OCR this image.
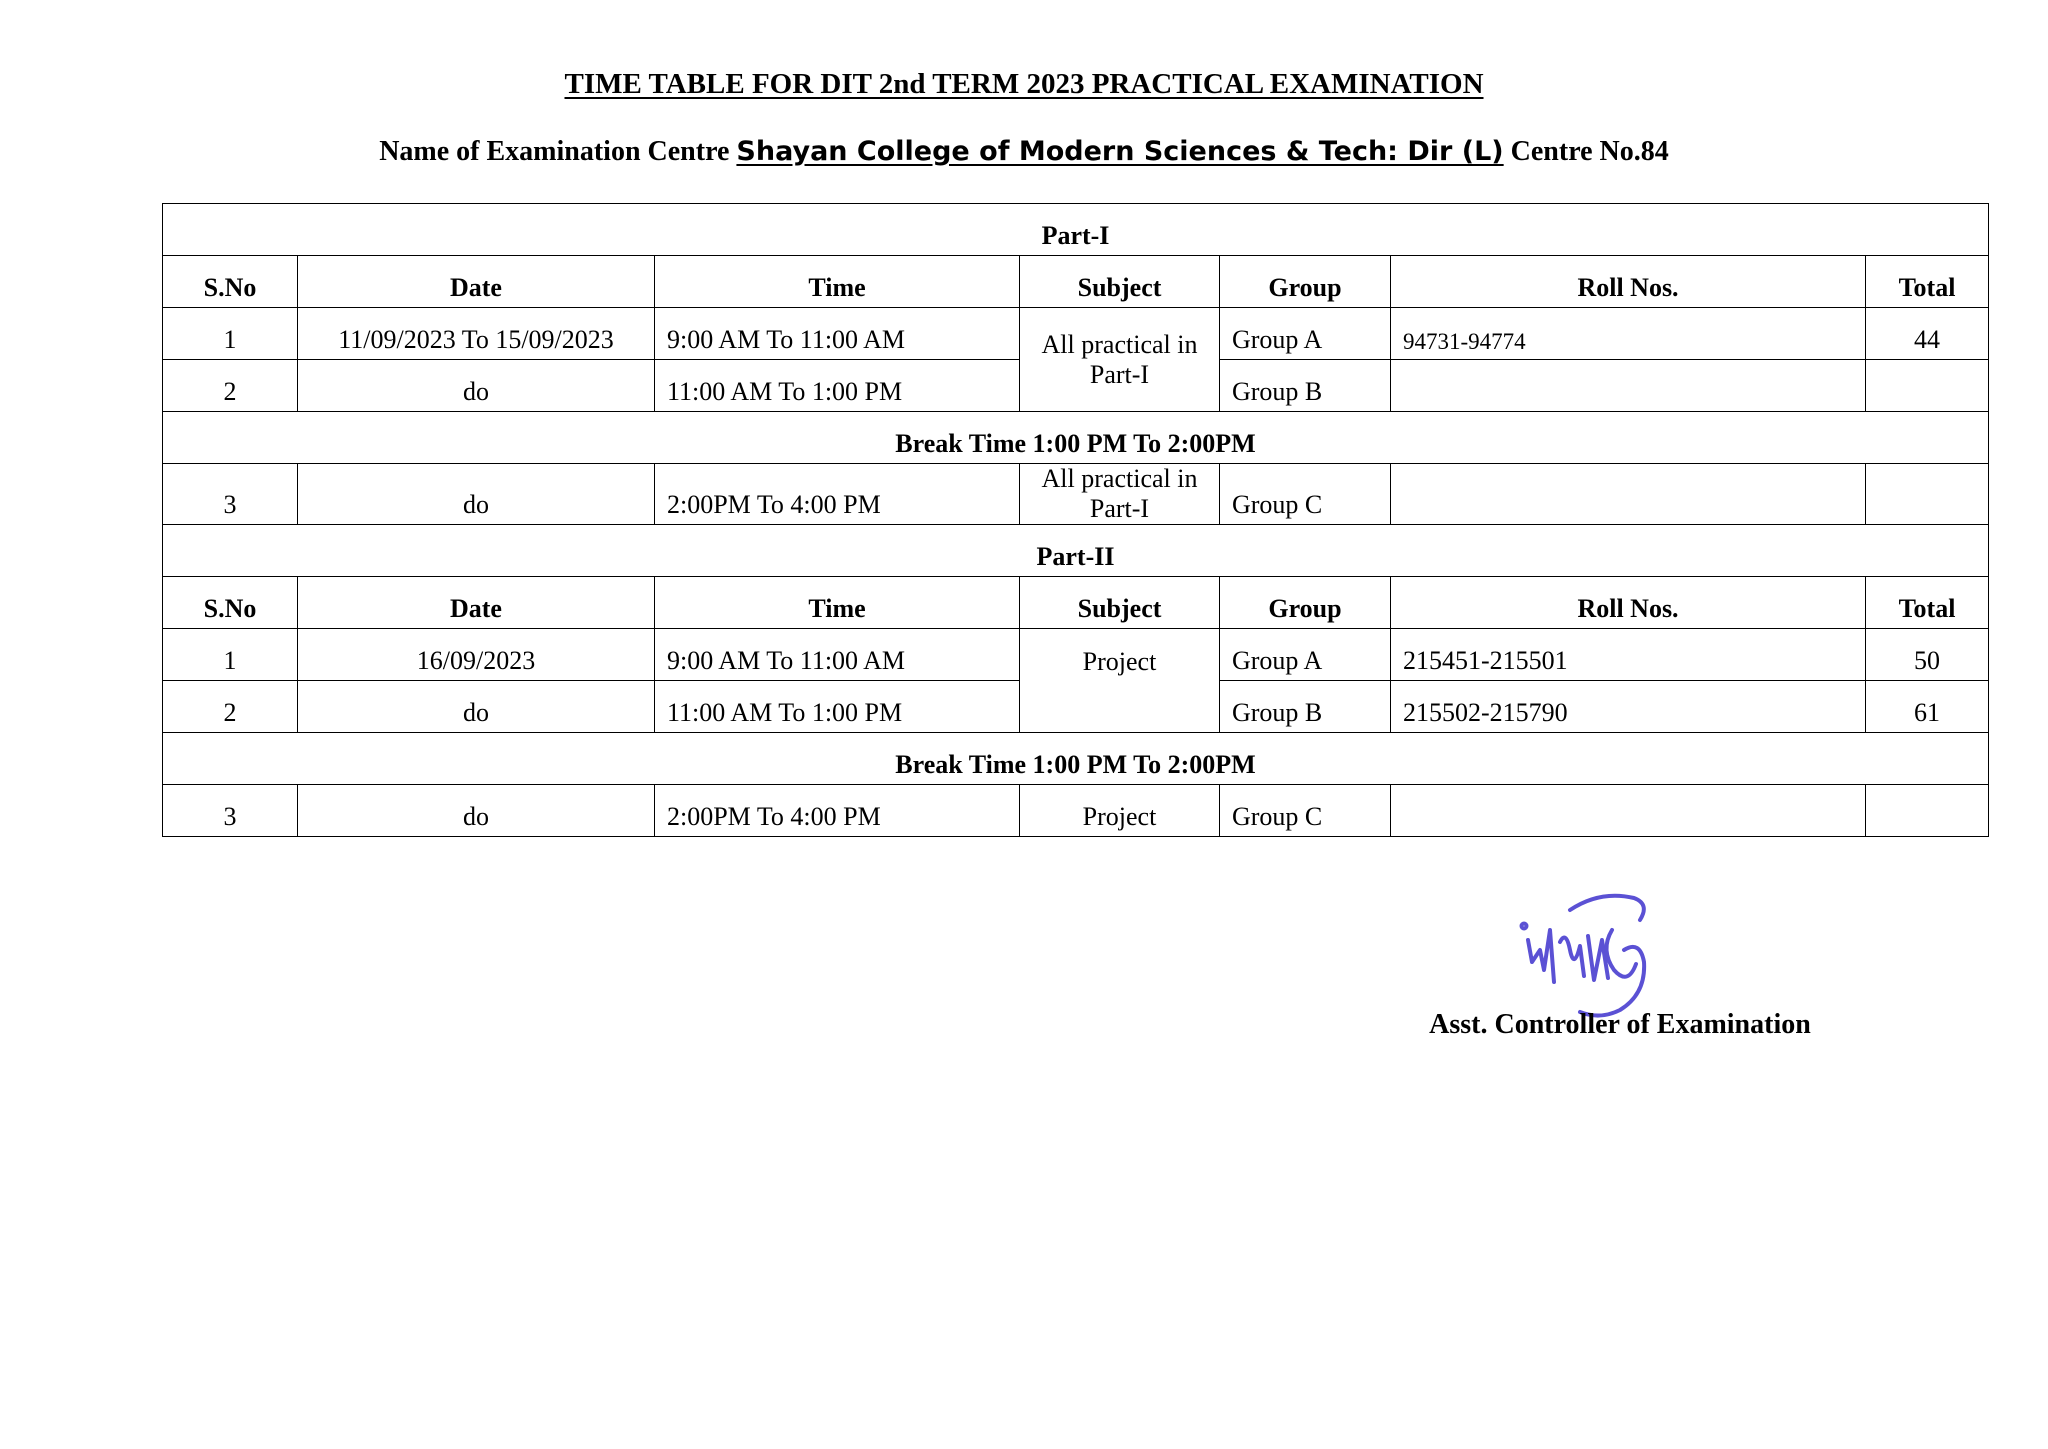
TIME TABLE FOR DIT 2nd TERM 2023 PRACTICAL EXAMINATION
Name of Examination Centre Shayan College of Modern Sciences & Tech: Dir (L) Centre No.84
Part-I						
S.No	Date	Time	Subject	Group	Roll Nos.	Total
1	11/09/2023 To 15/09/2023	9:00 AM To 11:00 AM	All practical in Part-I	Group A	94731-94774	44
2	do	11:00 AM To 1:00 PM		Group B		
Break Time 1:00 PM To 2:00PM						
3	do	2:00PM To 4:00 PM	All practical in Part-I	Group C		
Part-II						
S.No	Date	Time	Subject	Group	Roll Nos.	Total
1	16/09/2023	9:00 AM To 11:00 AM	Project	Group A	215451-215501	50
2	do	11:00 AM To 1:00 PM		Group B	215502-215790	61
Break Time 1:00 PM To 2:00PM						
3	do	2:00PM To 4:00 PM	Project	Group C		
Asst. Controller of Examination
